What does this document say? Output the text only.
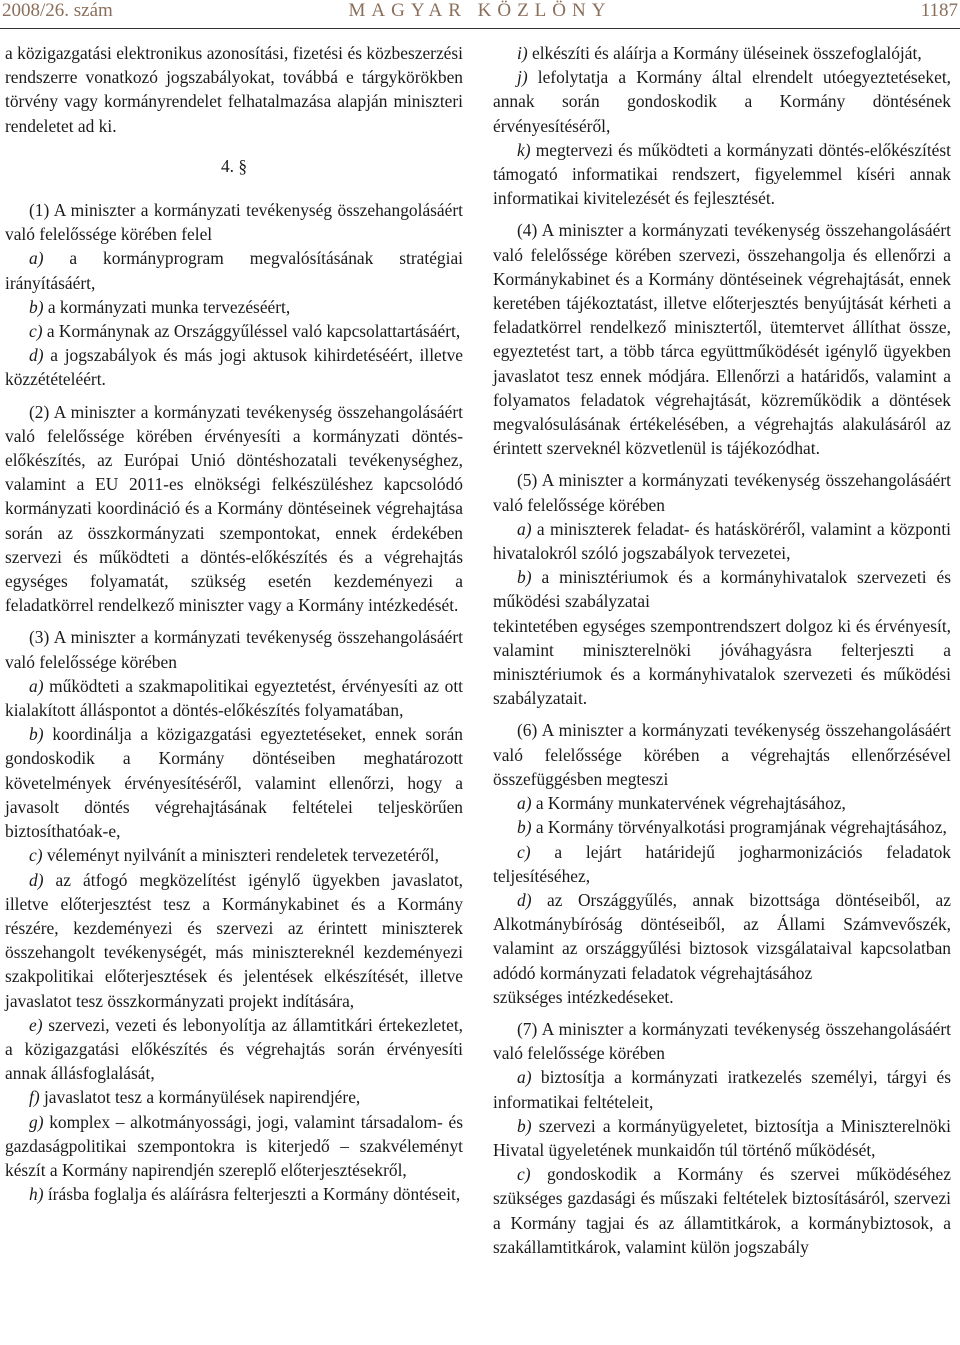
2008/26. szám	MAGYAR KÖZLÖNY	1187

a közigazgatási elektronikus azonosítási, fizetési és közbeszerzési rendszerre vonatkozó jogszabályokat, továbbá e tárgykörökben törvény vagy kormányrendelet felhatalmazása alapján miniszteri rendeletet ad ki.

4. §

(1) A miniszter a kormányzati tevékenység összehangolásáért való felelőssége körében felel

a) a kormányprogram megvalósításának stratégiai irányításáért,

b) a kormányzati munka tervezéséért,

c) a Kormánynak az Országgyűléssel való kapcsolattartásáért,

d) a jogszabályok és más jogi aktusok kihirdetéséért, illetve közzétételéért.

(2) A miniszter a kormányzati tevékenység összehangolásáért való felelőssége körében érvényesíti a kormányzati döntés-előkészítés, az Európai Unió döntéshozatali tevékenységhez, valamint a EU 2011-es elnökségi felkészüléshez kapcsolódó kormányzati koordináció és a Kormány döntéseinek végrehajtása során az összkormányzati szempontokat, ennek érdekében szervezi és működteti a döntés-előkészítés és a végrehajtás egységes folyamatát, szükség esetén kezdeményezi a feladatkörrel rendelkező miniszter vagy a Kormány intézkedését.

(3) A miniszter a kormányzati tevékenység összehangolásáért való felelőssége körében

a) működteti a szakmapolitikai egyeztetést, érvényesíti az ott kialakított álláspontot a döntés-előkészítés folyamatában,

b) koordinálja a közigazgatási egyeztetéseket, ennek során gondoskodik a Kormány döntéseiben meghatározott követelmények érvényesítéséről, valamint ellenőrzi, hogy a javasolt döntés végrehajtásának feltételei teljeskörűen biztosíthatóak-e,

c) véleményt nyilvánít a miniszteri rendeletek tervezetéről,

d) az átfogó megközelítést igénylő ügyekben javaslatot, illetve előterjesztést tesz a Kormánykabinet és a Kormány részére, kezdeményezi és szervezi az érintett miniszterek összehangolt tevékenységét, más minisztereknél kezdeményezi szakpolitikai előterjesztések és jelentések elkészítését, illetve javaslatot tesz összkormányzati projekt indítására,

e) szervezi, vezeti és lebonyolítja az államtitkári értekezletet, a közigazgatási előkészítés és végrehajtás során érvényesíti annak állásfoglalását,

f) javaslatot tesz a kormányülések napirendjére,

g) komplex – alkotmányossági, jogi, valamint társadalom- és gazdaságpolitikai szempontokra is kiterjedő – szakvéleményt készít a Kormány napirendjén szereplő előterjesztésekről,

h) írásba foglalja és aláírásra felterjeszti a Kormány döntéseit,

i) elkészíti és aláírja a Kormány üléseinek összefoglalóját,

j) lefolytatja a Kormány által elrendelt utóegyeztetéseket, annak során gondoskodik a Kormány döntésének érvényesítéséről,

k) megtervezi és működteti a kormányzati döntés-előkészítést támogató informatikai rendszert, figyelemmel kíséri annak informatikai kivitelezését és fejlesztését.

(4) A miniszter a kormányzati tevékenység összehangolásáért való felelőssége körében szervezi, összehangolja és ellenőrzi a Kormánykabinet és a Kormány döntéseinek végrehajtását, ennek keretében tájékoztatást, illetve előterjesztés benyújtását kérheti a feladatkörrel rendelkező minisztertől, ütemtervet állíthat össze, egyeztetést tart, a több tárca együttműködését igénylő ügyekben javaslatot tesz ennek módjára. Ellenőrzi a határidős, valamint a folyamatos feladatok végrehajtását, közreműködik a döntések megvalósulásának értékelésében, a végrehajtás alakulásáról az érintett szerveknél közvetlenül is tájékozódhat.

(5) A miniszter a kormányzati tevékenység összehangolásáért való felelőssége körében

a) a miniszterek feladat- és hatásköréről, valamint a központi hivatalokról szóló jogszabályok tervezetei,

b) a minisztériumok és a kormányhivatalok szervezeti és működési szabályzatai

tekintetében egységes szempontrendszert dolgoz ki és érvényesít, valamint miniszterelnöki jóváhagyásra felterjeszti a minisztériumok és a kormányhivatalok szervezeti és működési szabályzatait.

(6) A miniszter a kormányzati tevékenység összehangolásáért való felelőssége körében a végrehajtás ellenőrzésével összefüggésben megteszi

a) a Kormány munkatervének végrehajtásához,

b) a Kormány törvényalkotási programjának végrehajtásához,

c) a lejárt határidejű jogharmonizációs feladatok teljesítéséhez,

d) az Országgyűlés, annak bizottsága döntéseiből, az Alkotmánybíróság döntéseiből, az Állami Számvevőszék, valamint az országgyűlési biztosok vizsgálataival kapcsolatban adódó kormányzati feladatok végrehajtásához

szükséges intézkedéseket.

(7) A miniszter a kormányzati tevékenység összehangolásáért való felelőssége körében

a) biztosítja a kormányzati iratkezelés személyi, tárgyi és informatikai feltételeit,

b) szervezi a kormányügyeletet, biztosítja a Miniszterelnöki Hivatal ügyeletének munkaidőn túl történő működését,

c) gondoskodik a Kormány és szervei működéséhez szükséges gazdasági és műszaki feltételek biztosításáról, szervezi a Kormány tagjai és az államtitkárok, a kormánybiztosok, a szakállamtitkárok, valamint külön jogszabály
